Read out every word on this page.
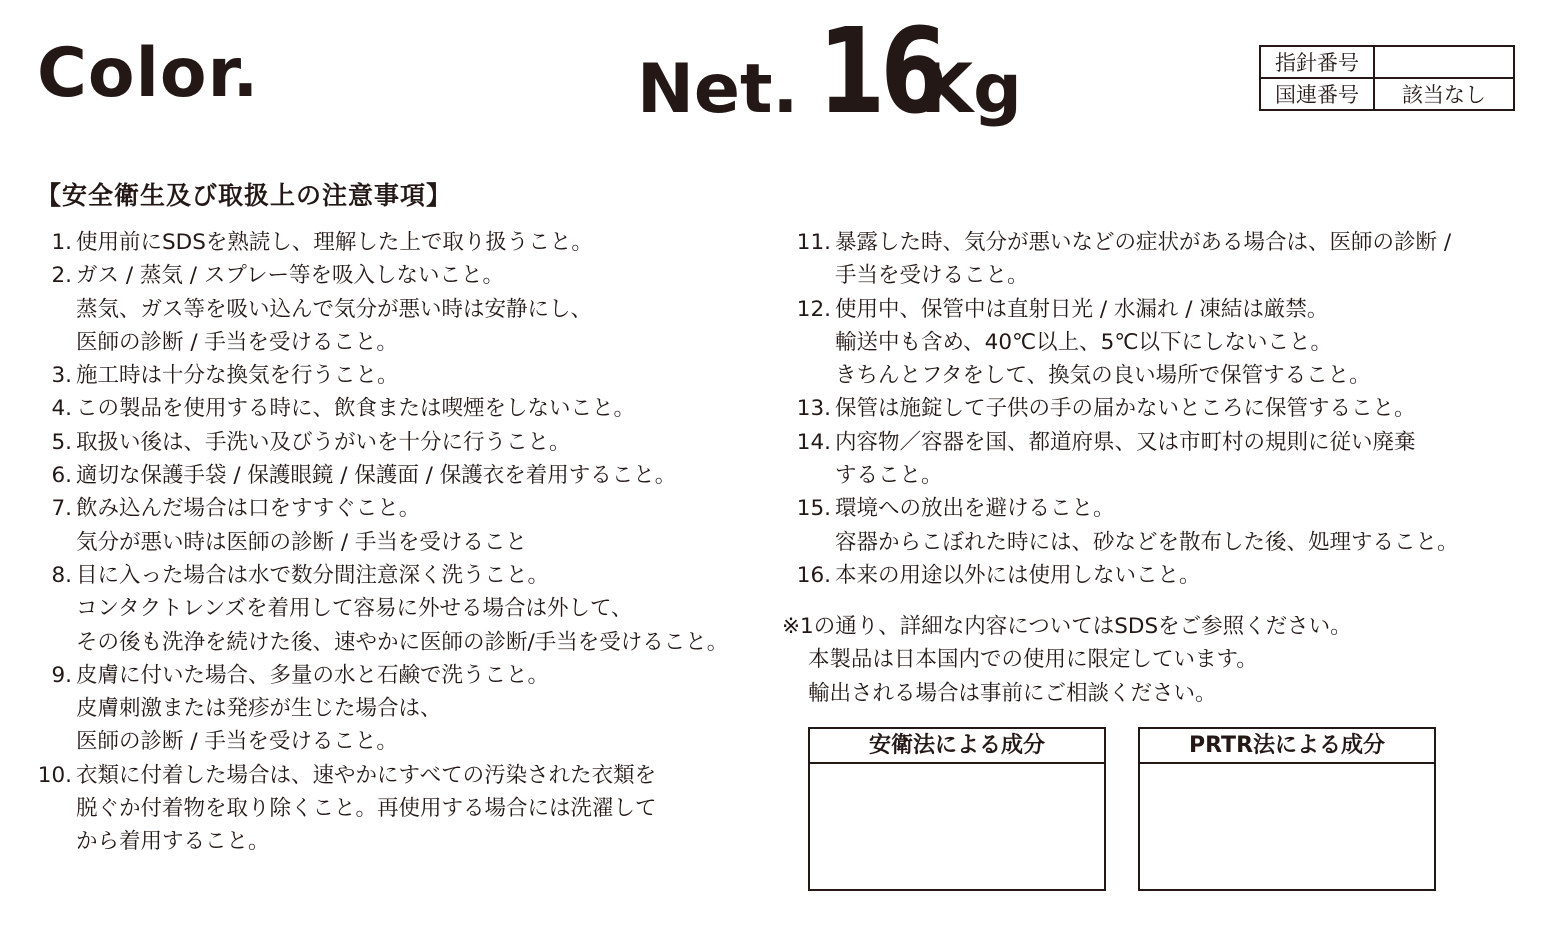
Color.	Net. 16
Kg	指針番号	
国連番号	該当なし
【安全衛生及び取扱上の注意事項】
1. 使用前にSDSを熟読し、理解した上で取り扱うこと。
2. ガス / 蒸気 / スプレー等を吸入しないこと。
蒸気、ガス等を吸い込んで気分が悪い時は安静にし、
医師の診断 / 手当を受けること。
3. 施工時は十分な換気を行うこと。
4. この製品を使用する時に、飲食または喫煙をしないこと。
5. 取扱い後は、手洗い及びうがいを十分に行うこと。
6. 適切な保護手袋 / 保護眼鏡 / 保護面 / 保護衣を着用すること。
7. 飲み込んだ場合は口をすすぐこと。
気分が悪い時は医師の診断 / 手当を受けること
8. 目に入った場合は水で数分間注意深く洗うこと。
コンタクトレンズを着用して容易に外せる場合は外して、
その後も洗浄を続けた後、速やかに医師の診断/手当を受けること。
9. 皮膚に付いた場合、多量の水と石鹸で洗うこと。
皮膚刺激または発疹が生じた場合は、
医師の診断 / 手当を受けること。
10. 衣類に付着した場合は、速やかにすべての汚染された衣類を
脱ぐか付着物を取り除くこと。再使用する場合には洗濯して
から着用すること。
11. 暴露した時、気分が悪いなどの症状がある場合は、医師の診断 /
手当を受けること。
12. 使用中、保管中は直射日光 / 水漏れ / 凍結は厳禁。
輸送中も含め、40℃以上、5℃以下にしないこと。
きちんとフタをして、換気の良い場所で保管すること。
13. 保管は施錠して子供の手の届かないところに保管すること。
14. 内容物／容器を国、都道府県、又は市町村の規則に従い廃棄
すること。
15. 環境への放出を避けること。
容器からこぼれた時には、砂などを散布した後、処理すること。
16. 本来の用途以外には使用しないこと。
※1の通り、詳細な内容についてはSDSをご参照ください。
本製品は日本国内での使用に限定しています。
輸出される場合は事前にご相談ください。
安衛法による成分	PRTR法による成分
